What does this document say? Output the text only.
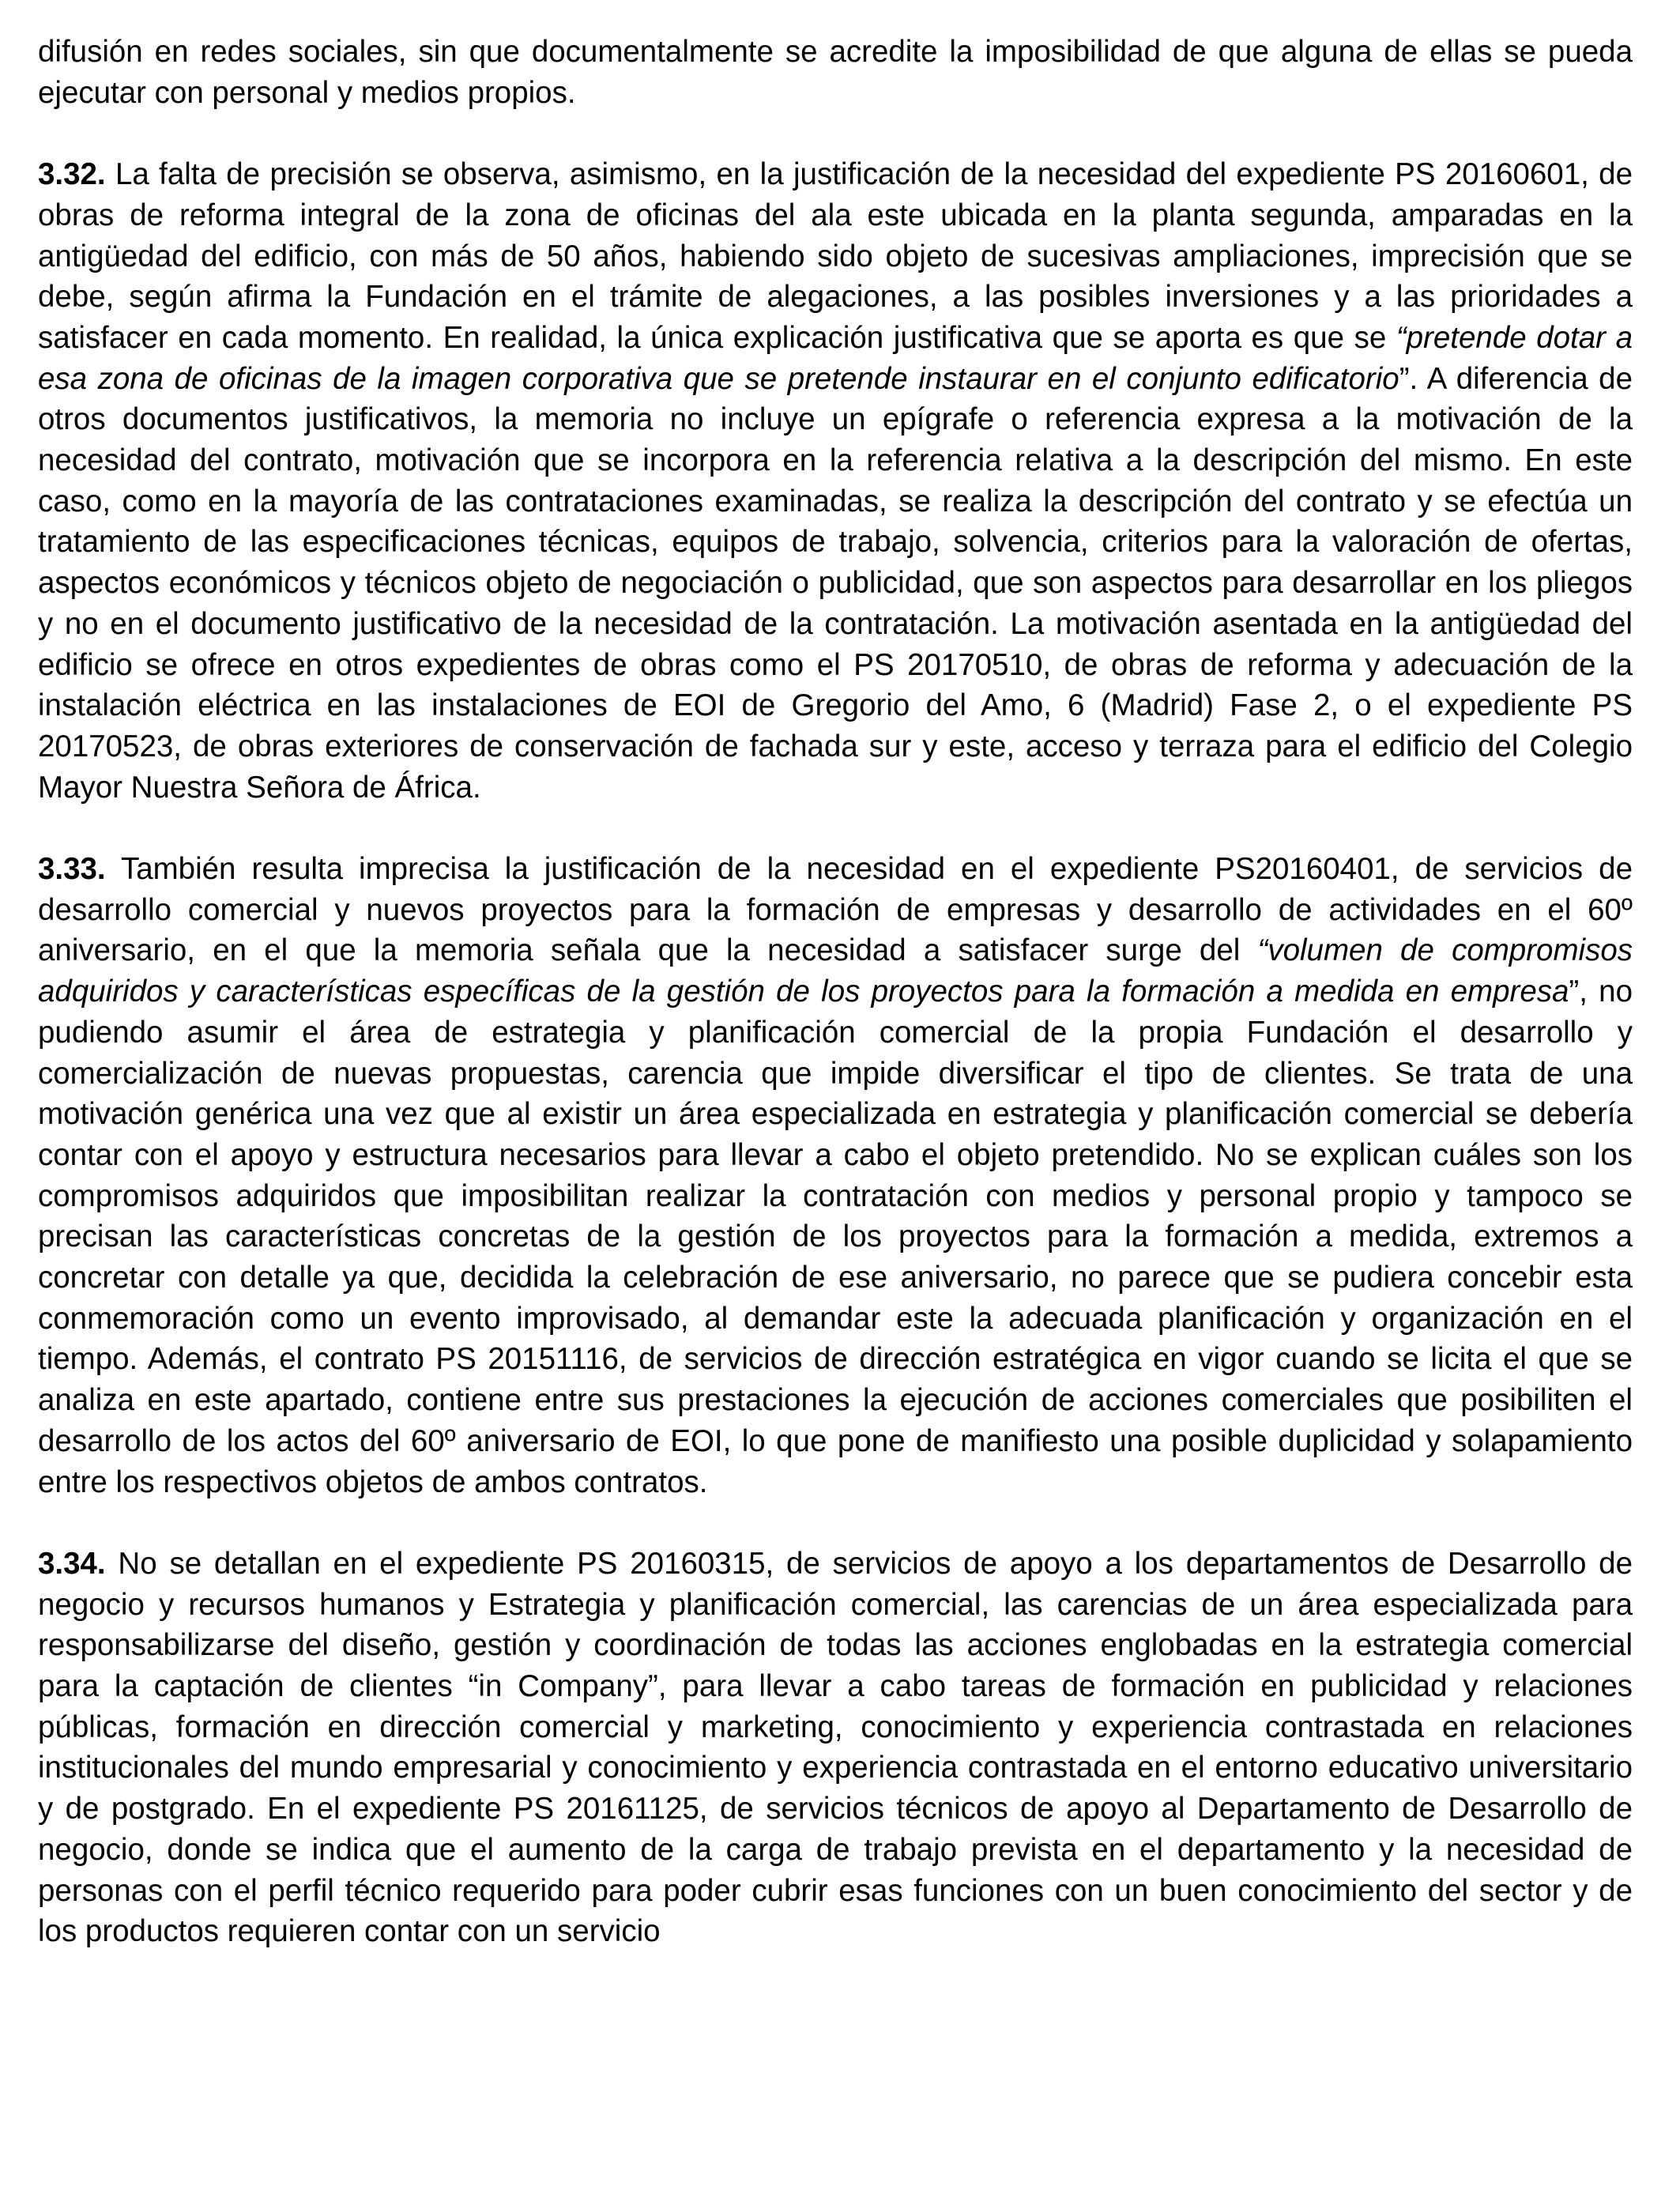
difusión en redes sociales, sin que documentalmente se acredite la imposibilidad de que alguna de ellas se pueda ejecutar con personal y medios propios.

3.32. La falta de precisión se observa, asimismo, en la justificación de la necesidad del expediente PS 20160601, de obras de reforma integral de la zona de oficinas del ala este ubicada en la planta segunda, amparadas en la antigüedad del edificio, con más de 50 años, habiendo sido objeto de sucesivas ampliaciones, imprecisión que se debe, según afirma la Fundación en el trámite de alegaciones, a las posibles inversiones y a las prioridades a satisfacer en cada momento. En realidad, la única explicación justificativa que se aporta es que se “pretende dotar a esa zona de oficinas de la imagen corporativa que se pretende instaurar en el conjunto edificatorio”. A diferencia de otros documentos justificativos, la memoria no incluye un epígrafe o referencia expresa a la motivación de la necesidad del contrato, motivación que se incorpora en la referencia relativa a la descripción del mismo. En este caso, como en la mayoría de las contrataciones examinadas, se realiza la descripción del contrato y se efectúa un tratamiento de las especificaciones técnicas, equipos de trabajo, solvencia, criterios para la valoración de ofertas, aspectos económicos y técnicos objeto de negociación o publicidad, que son aspectos para desarrollar en los pliegos y no en el documento justificativo de la necesidad de la contratación. La motivación asentada en la antigüedad del edificio se ofrece en otros expedientes de obras como el PS 20170510, de obras de reforma y adecuación de la instalación eléctrica en las instalaciones de EOI de Gregorio del Amo, 6 (Madrid) Fase 2, o el expediente PS 20170523, de obras exteriores de conservación de fachada sur y este, acceso y terraza para el edificio del Colegio Mayor Nuestra Señora de África.

3.33. También resulta imprecisa la justificación de la necesidad en el expediente PS20160401, de servicios de desarrollo comercial y nuevos proyectos para la formación de empresas y desarrollo de actividades en el 60º aniversario, en el que la memoria señala que la necesidad a satisfacer surge del “volumen de compromisos adquiridos y características específicas de la gestión de los proyectos para la formación a medida en empresa”, no pudiendo asumir el área de estrategia y planificación comercial de la propia Fundación el desarrollo y comercialización de nuevas propuestas, carencia que impide diversificar el tipo de clientes. Se trata de una motivación genérica una vez que al existir un área especializada en estrategia y planificación comercial se debería contar con el apoyo y estructura necesarios para llevar a cabo el objeto pretendido. No se explican cuáles son los compromisos adquiridos que imposibilitan realizar la contratación con medios y personal propio y tampoco se precisan las características concretas de la gestión de los proyectos para la formación a medida, extremos a concretar con detalle ya que, decidida la celebración de ese aniversario, no parece que se pudiera concebir esta conmemoración como un evento improvisado, al demandar este la adecuada planificación y organización en el tiempo. Además, el contrato PS 20151116, de servicios de dirección estratégica en vigor cuando se licita el que se analiza en este apartado, contiene entre sus prestaciones la ejecución de acciones comerciales que posibiliten el desarrollo de los actos del 60º aniversario de EOI, lo que pone de manifiesto una posible duplicidad y solapamiento entre los respectivos objetos de ambos contratos.

3.34. No se detallan en el expediente PS 20160315, de servicios de apoyo a los departamentos de Desarrollo de negocio y recursos humanos y Estrategia y planificación comercial, las carencias de un área especializada para responsabilizarse del diseño, gestión y coordinación de todas las acciones englobadas en la estrategia comercial para la captación de clientes “in Company”, para llevar a cabo tareas de formación en publicidad y relaciones públicas, formación en dirección comercial y marketing, conocimiento y experiencia contrastada en relaciones institucionales del mundo empresarial y conocimiento y experiencia contrastada en el entorno educativo universitario y de postgrado. En el expediente PS 20161125, de servicios técnicos de apoyo al Departamento de Desarrollo de negocio, donde se indica que el aumento de la carga de trabajo prevista en el departamento y la necesidad de personas con el perfil técnico requerido para poder cubrir esas funciones con un buen conocimiento del sector y de los productos requieren contar con un servicio
